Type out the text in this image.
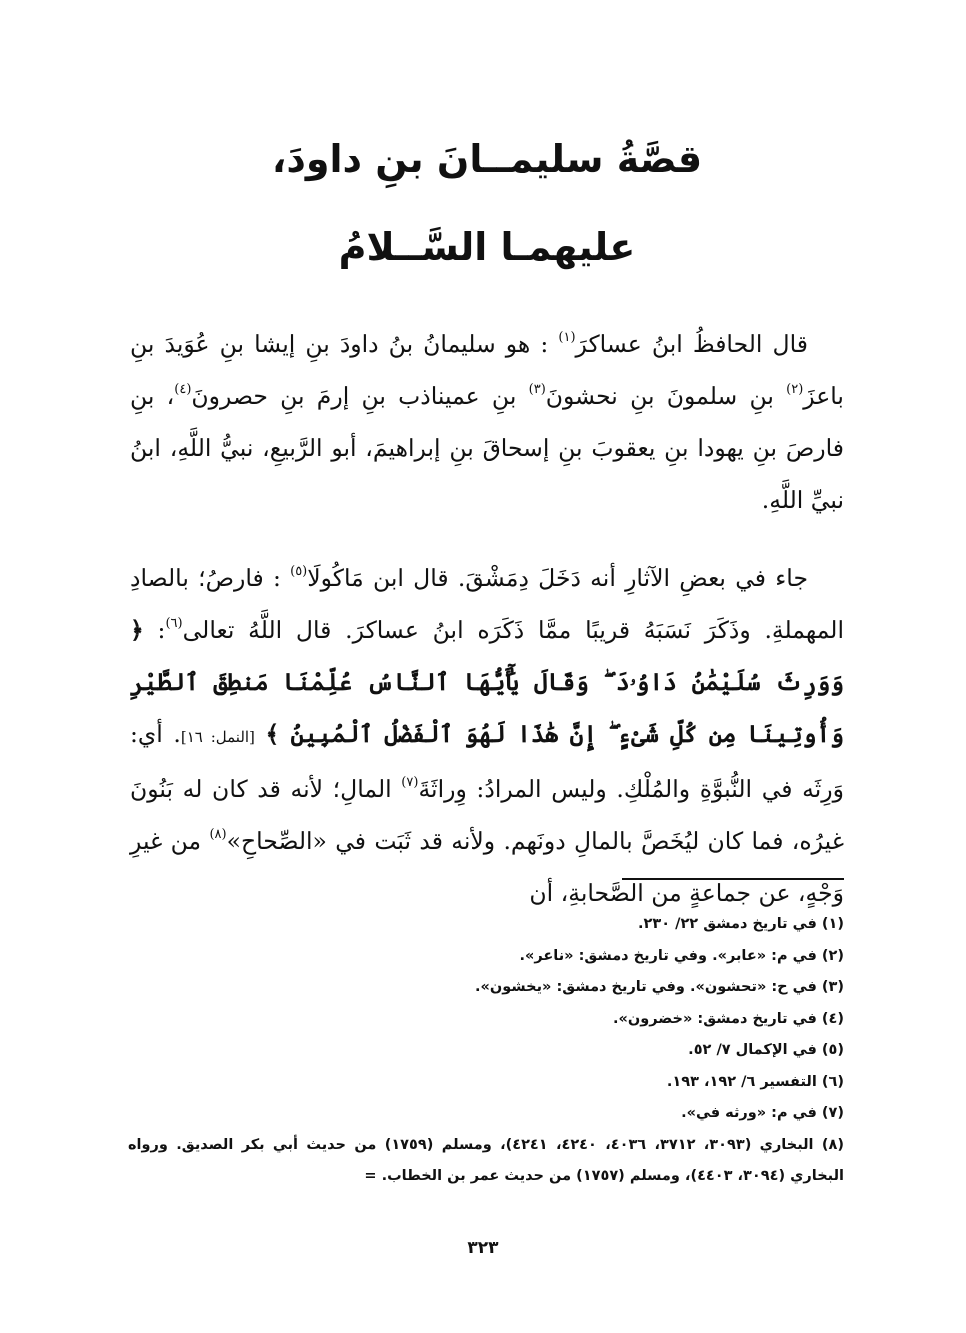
قصَّةُ سليمــانَ بنِ داودَ،
عليهمـا السَّــلامُ

قال الحافظُ ابنُ عساكرَ$^{(١)}$ : هو سليمانُ بنُ داودَ بنِ إيشا بنِ عُوَيدَ بنِ باعزَ$^{(٢)}$ بنِ سلمونَ بنِ نحشونَ$^{(٣)}$ بنِ عميناذب بنِ إرمَ بنِ حصرونَ$^{(٤)}$، بنِ فارصَ بنِ يهودا بنِ يعقوبَ بنِ إسحاقَ بنِ إبراهيمَ، أبو الرَّبيعِ، نبيُّ اللَّهِ، ابنُ نبيِّ اللَّهِ.

جاء في بعضِ الآثارِ أنه دَخَلَ دِمَشْقَ. قال ابن مَاكُولَا$^{(٥)}$ : فارصُ؛ بالصادِ المهملةِ. وذَكَرَ نَسَبَهُ قريبًا ممَّا ذَكَرَه ابنُ عساكرَ. قال اللَّهُ تعالى$^{(٦)}$: ﴿ وَوَرِثَ سُلَيْمَٰنُ دَاوُۥدَ ۖ وَقَالَ يَٰٓأَيُّهَا ٱلنَّاسُ عُلِّمْنَا مَنطِقَ ٱلطَّيْرِ وَأُوتِينَا مِن كُلِّ شَىْءٍ ۖ إِنَّ هَٰذَا لَهُوَ ٱلْفَضْلُ ٱلْمُبِينُ ﴾ [النمل: ١٦]. أي: وَرِثَه في النُّبوَّةِ والمُلْكِ. وليس المرادُ: وِراثَةَ$^{(٧)}$ المالِ؛ لأنه قد كان له بَنُونَ غيرُه، فما كان ليُخَصَّ بالمالِ دونَهم. ولأنه قد ثَبَت في «الصِّحاحِ»$^{(٨)}$ من غيرِ وَجْهٍ، عن جماعةٍ من الصَّحابةِ، أن

(١) في تاريخ دمشق ٢٢/ ٢٣٠.

(٢) في م: «عابر». وفي تاريخ دمشق: «ناعر».

(٣) في ح: «تحشون». وفي تاريخ دمشق: «يخشون».

(٤) في تاريخ دمشق: «خضرون».

(٥) في الإكمال ٧/ ٥٢.

(٦) التفسير ٦/ ١٩٢، ١٩٣.

(٧) في م: «ورثه في».

(٨) البخاري (٣٠٩٣، ٣٧١٢، ٤٠٣٦، ٤٢٤٠، ٤٢٤١)، ومسلم (١٧٥٩) من حديث أبي بكر الصديق. ورواه البخاري (٣٠٩٤، ٤٤٠٣)، ومسلم (١٧٥٧) من حديث عمر بن الخطاب. =

٣٢٣
